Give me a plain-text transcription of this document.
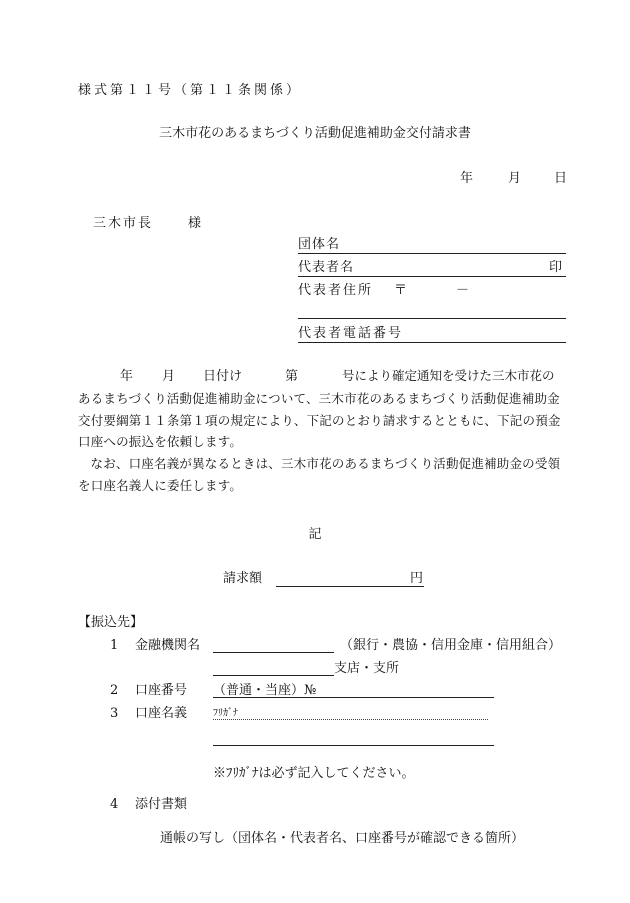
様式第１１号（第１１条関係）
三木市花のあるまちづくり活動促進補助金交付請求書
年	月	日
三木市長	様
団体名
代表者名	印
代表者住所 〒	－
代表者電話番号
年 月 日付け	第	号により確定通知を受けた三木市花の
あるまちづくり活動促進補助金について、三木市花のあるまちづくり活動促進補助金交付要綱第１１条第１項の規定により、下記のとおり請求するとともに、下記の預金口座への振込を依頼します。
なお、口座名義が異なるときは、三木市花のあるまちづくり活動促進補助金の受領を口座名義人に委任します。
記
請求額	円
【振込先】
1 金融機関名	（銀行・農協・信用金庫・信用組合）
支店・支所
2 口座番号 （普通・当座）№
3 口座名義	ﾌﾘｶﾞﾅ
※ﾌﾘｶﾞﾅは必ず記入してください。
4 添付書類
通帳の写し（団体名・代表者名、口座番号が確認できる箇所）
